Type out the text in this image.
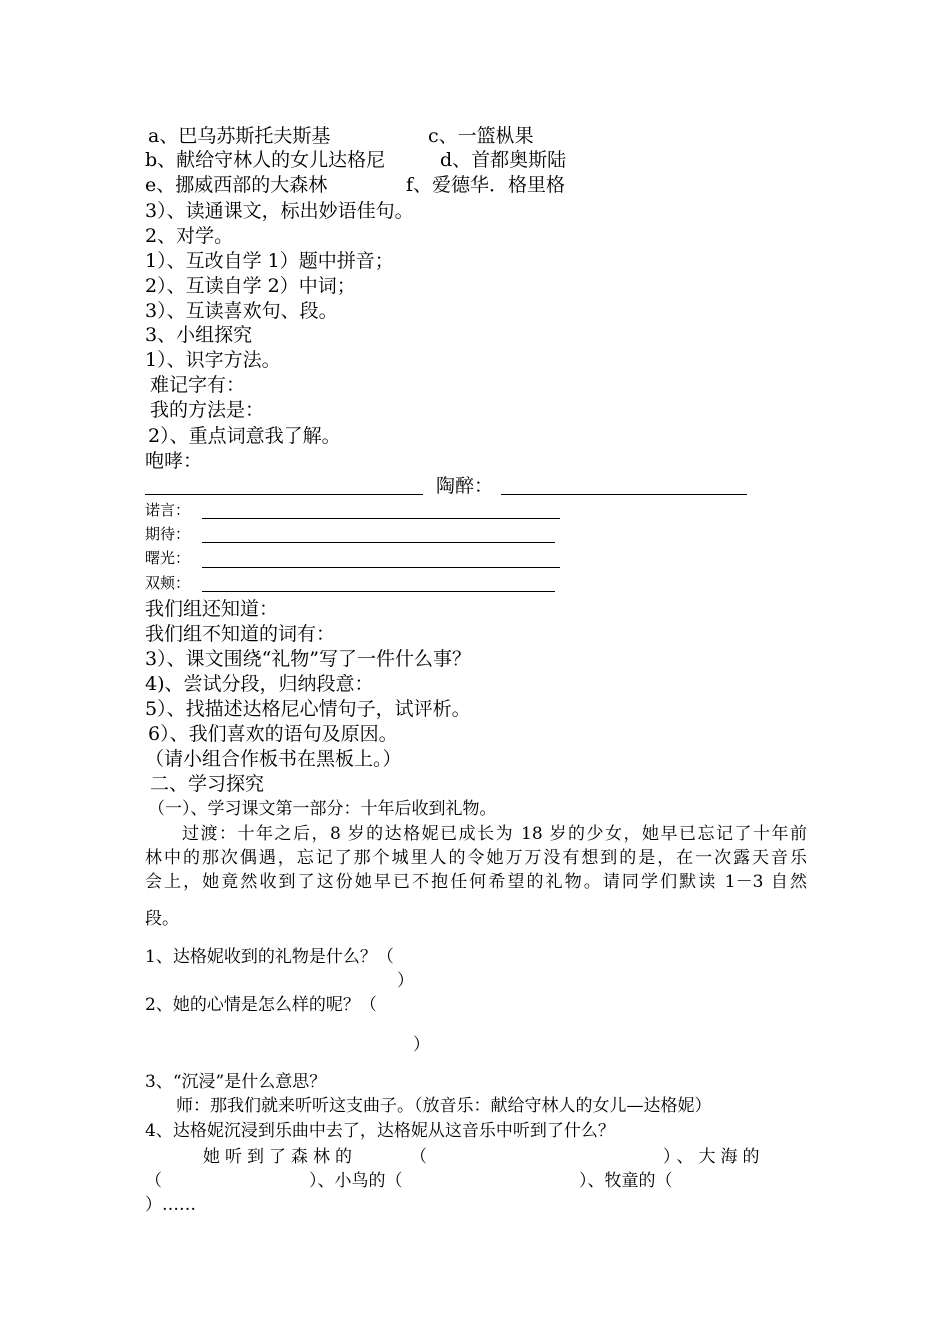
a、巴乌苏斯托夫斯基	c、一篮枞果
b、献给守林人的女儿达格尼	d、首都奥斯陆
e、挪威西部的大森林	f、爱德华．格里格
3）、读通课文，标出妙语佳句。
2、对学。
1）、互改自学 1）题中拼音；
2）、互读自学 2）中词；
3）、互读喜欢句、段。
3、小组探究
1）、识字方法。
难记字有：
我的方法是：
2）、重点词意我了解。
咆哮：
陶醉：
诺言：
期待：
曙光：
双颊：
我们组还知道：
我们组不知道的词有：
3）、课文围绕“礼物”写了一件什么事？
4)、尝试分段，归纳段意：
5）、找描述达格尼心情句子，试评析。
6）、我们喜欢的语句及原因。
（请小组合作板书在黑板上。）
二、学习探究
（一）、学习课文第一部分：十年后收到礼物。
　　过渡：十年之后，8 岁的达格妮已成长为 18 岁的少女，她早已忘记了十年前
林中的那次偶遇，忘记了那个城里人的令她万万没有想到的是，在一次露天音乐
会上，她竟然收到了这份她早已不抱任何希望的礼物。请同学们默读 1－3 自然
段。
1、达格妮收到的礼物是什么？（
）
2、她的心情是怎么样的呢？（
）
3、“沉浸”是什么意思？
师：那我们就来听听这支曲子。（放音乐：献给守林人的女儿—达格妮）
4、达格妮沉浸到乐曲中去了，达格妮从这音乐中听到了什么？
她听到了森林的	（	）、大海的
（	）、小鸟的（	）、牧童的（
）……
